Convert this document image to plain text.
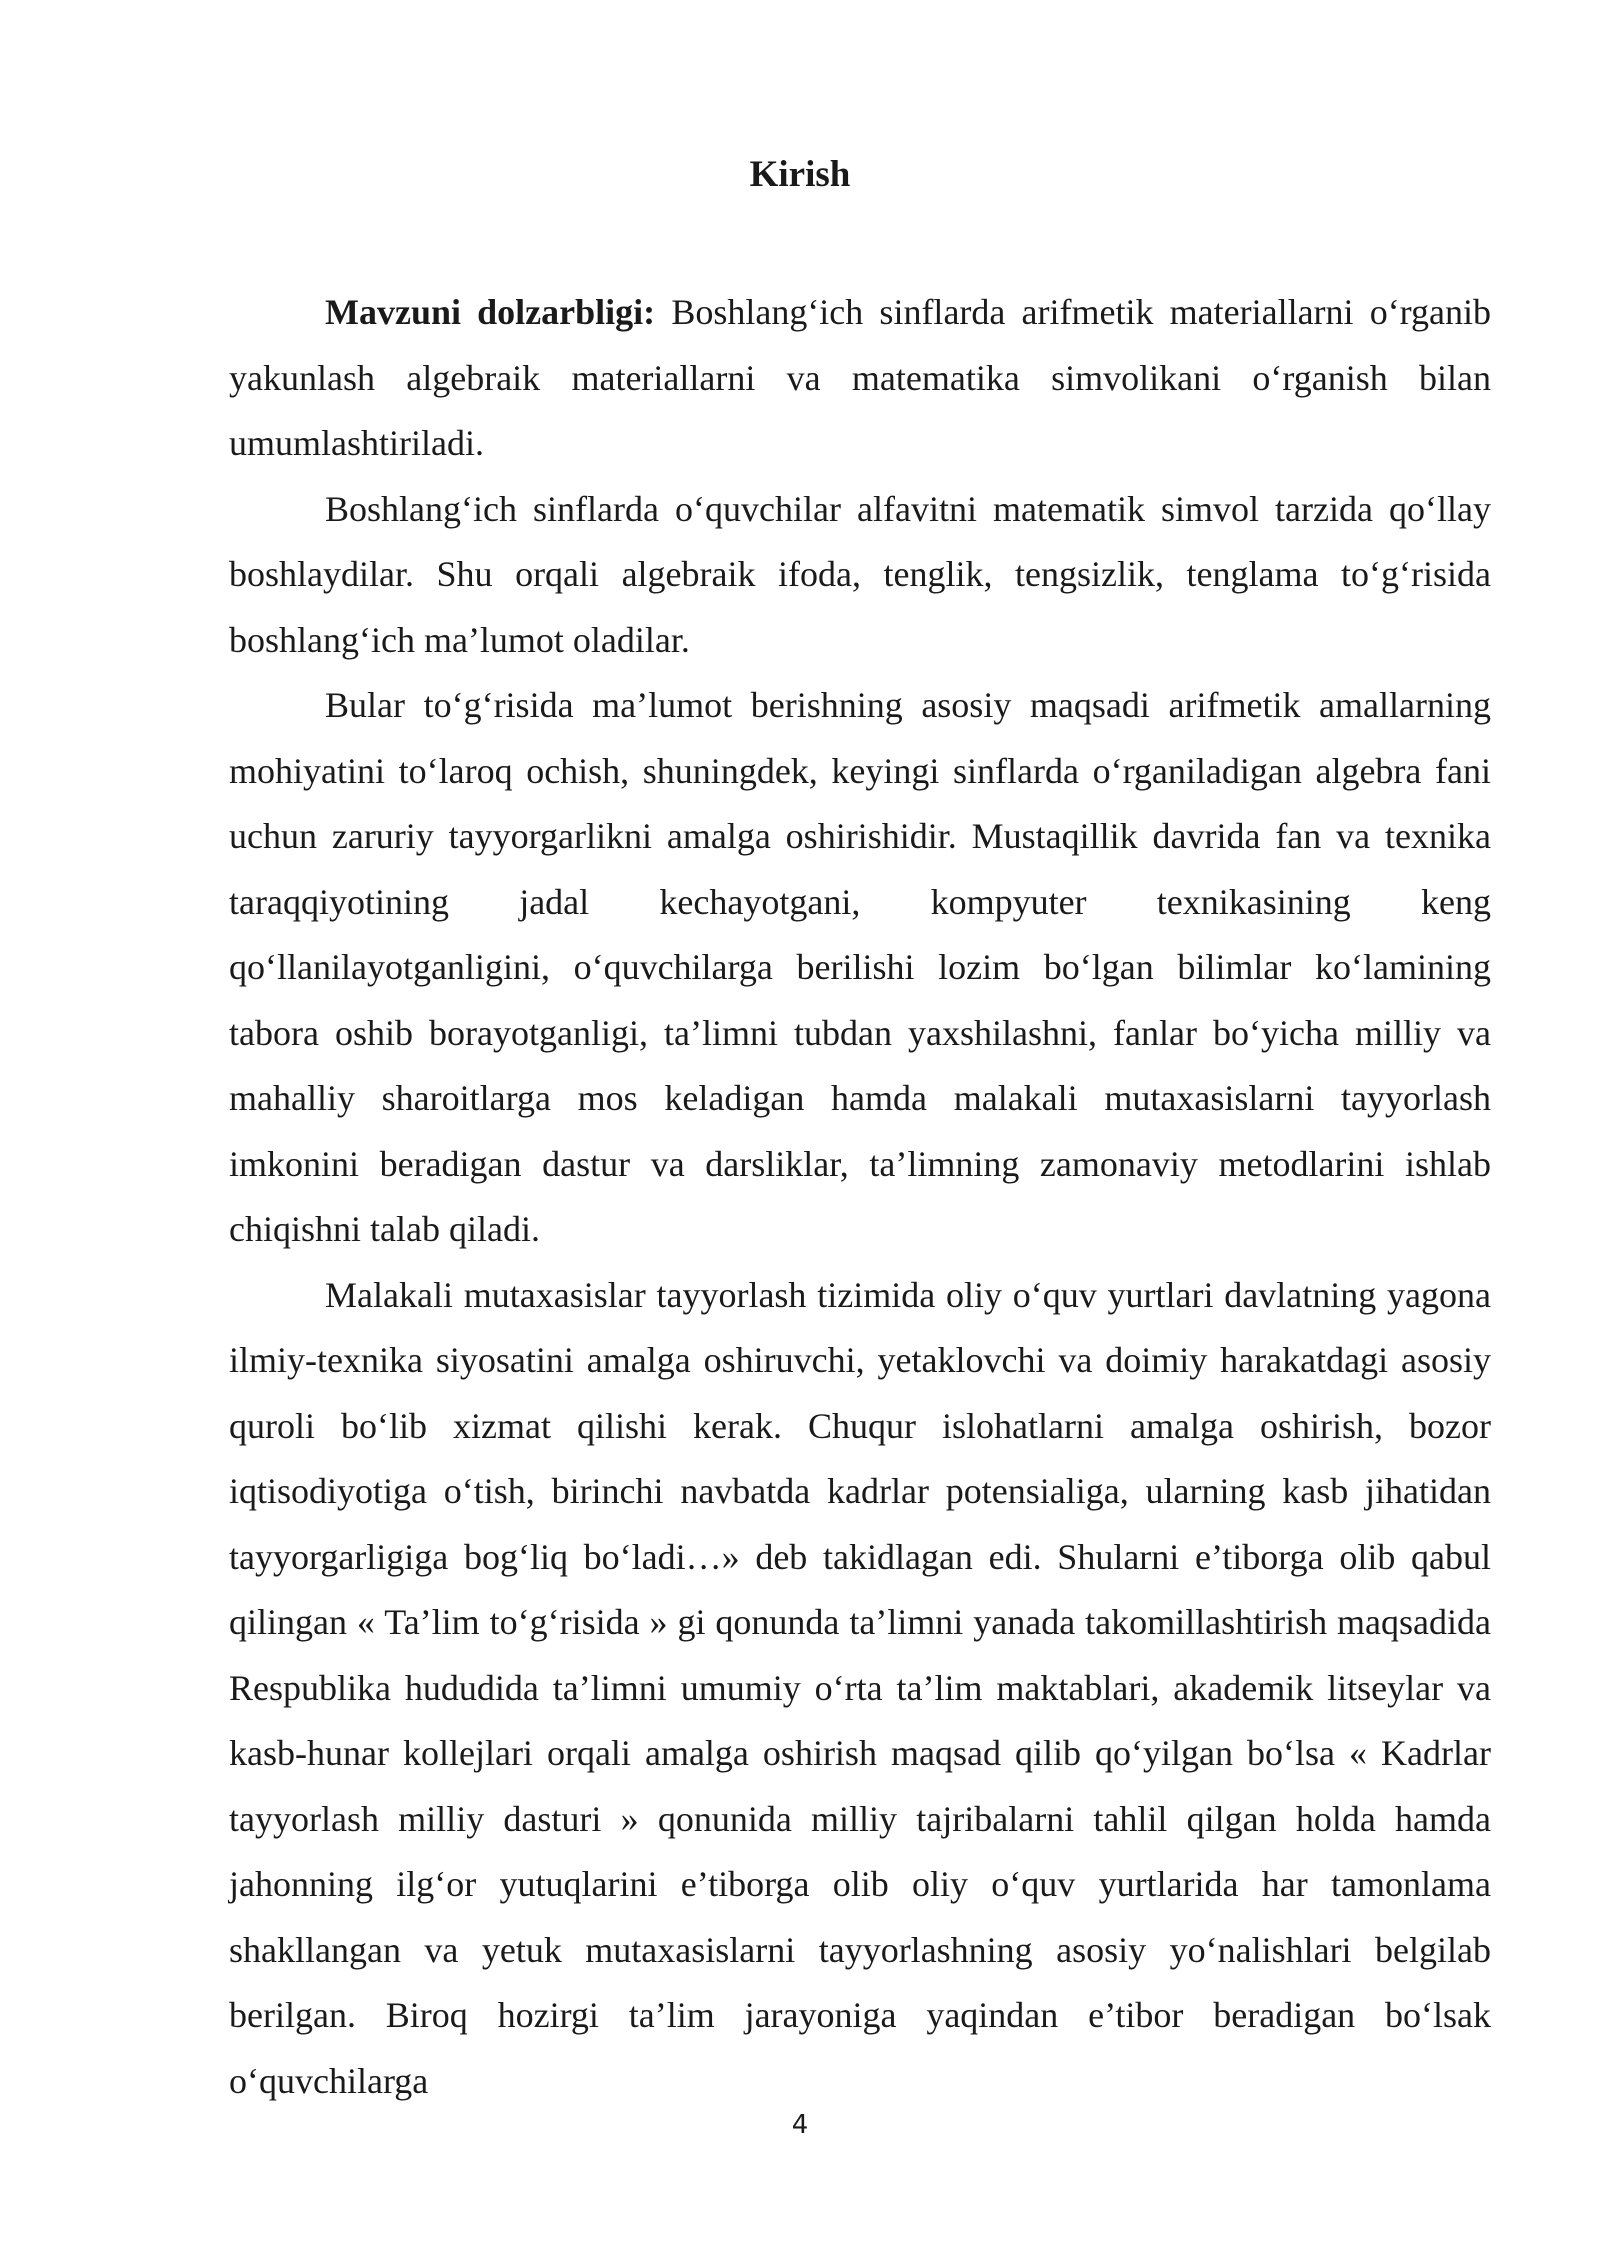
Kirish

Mavzuni dolzarbligi: Boshlang‘ich sinflarda arifmetik materiallarni o‘rganib yakunlash algebraik materiallarni va matematika simvolikani o‘rganish bilan umumlashtiriladi.

Boshlang‘ich sinflarda o‘quvchilar alfavitni matematik simvol tarzida qo‘llay boshlaydilar. Shu orqali algebraik ifoda, tenglik, tengsizlik, tenglama to‘g‘risida boshlang‘ich ma’lumot oladilar.

Bular to‘g‘risida ma’lumot berishning asosiy maqsadi arifmetik amallarning mohiyatini to‘laroq ochish, shuningdek, keyingi sinflarda o‘rganiladigan algebra fani uchun zaruriy tayyorgarlikni amalga oshirishidir. Mustaqillik davrida fan va texnika taraqqiyotining jadal kechayotgani, kompyuter texnikasining keng qo‘llanilayotganligini, o‘quvchilarga berilishi lozim bo‘lgan bilimlar ko‘lamining tabora oshib borayotganligi, ta’limni tubdan yaxshilashni, fanlar bo‘yicha milliy va mahalliy sharoitlarga mos keladigan hamda malakali mutaxasislarni tayyorlash imkonini beradigan dastur va darsliklar, ta’limning zamonaviy metodlarini ishlab chiqishni talab qiladi.

Malakali mutaxasislar tayyorlash tizimida oliy o‘quv yurtlari davlatning yagona ilmiy-texnika siyosatini amalga oshiruvchi, yetaklovchi va doimiy harakatdagi asosiy quroli bo‘lib xizmat qilishi kerak. Chuqur islohatlarni amalga oshirish, bozor iqtisodiyotiga o‘tish, birinchi navbatda kadrlar potensialiga, ularning kasb jihatidan tayyorgarligiga bog‘liq bo‘ladi…» deb takidlagan edi. Shularni e’tiborga olib qabul qilingan « Ta’lim to‘g‘risida » gi qonunda ta’limni yanada takomillashtirish maqsadida Respublika hududida ta’limni umumiy o‘rta ta’lim maktablari, akademik litseylar va kasb-hunar kollejlari orqali amalga oshirish maqsad qilib qo‘yilgan bo‘lsa « Kadrlar tayyorlash milliy dasturi » qonunida milliy tajribalarni tahlil qilgan holda hamda jahonning ilg‘or yutuqlarini e’tiborga olib oliy o‘quv yurtlarida har tamonlama shakllangan va yetuk mutaxasislarni tayyorlashning asosiy yo‘nalishlari belgilab berilgan. Biroq hozirgi ta’lim jarayoniga yaqindan e’tibor beradigan bo‘lsak o‘quvchilarga

4
